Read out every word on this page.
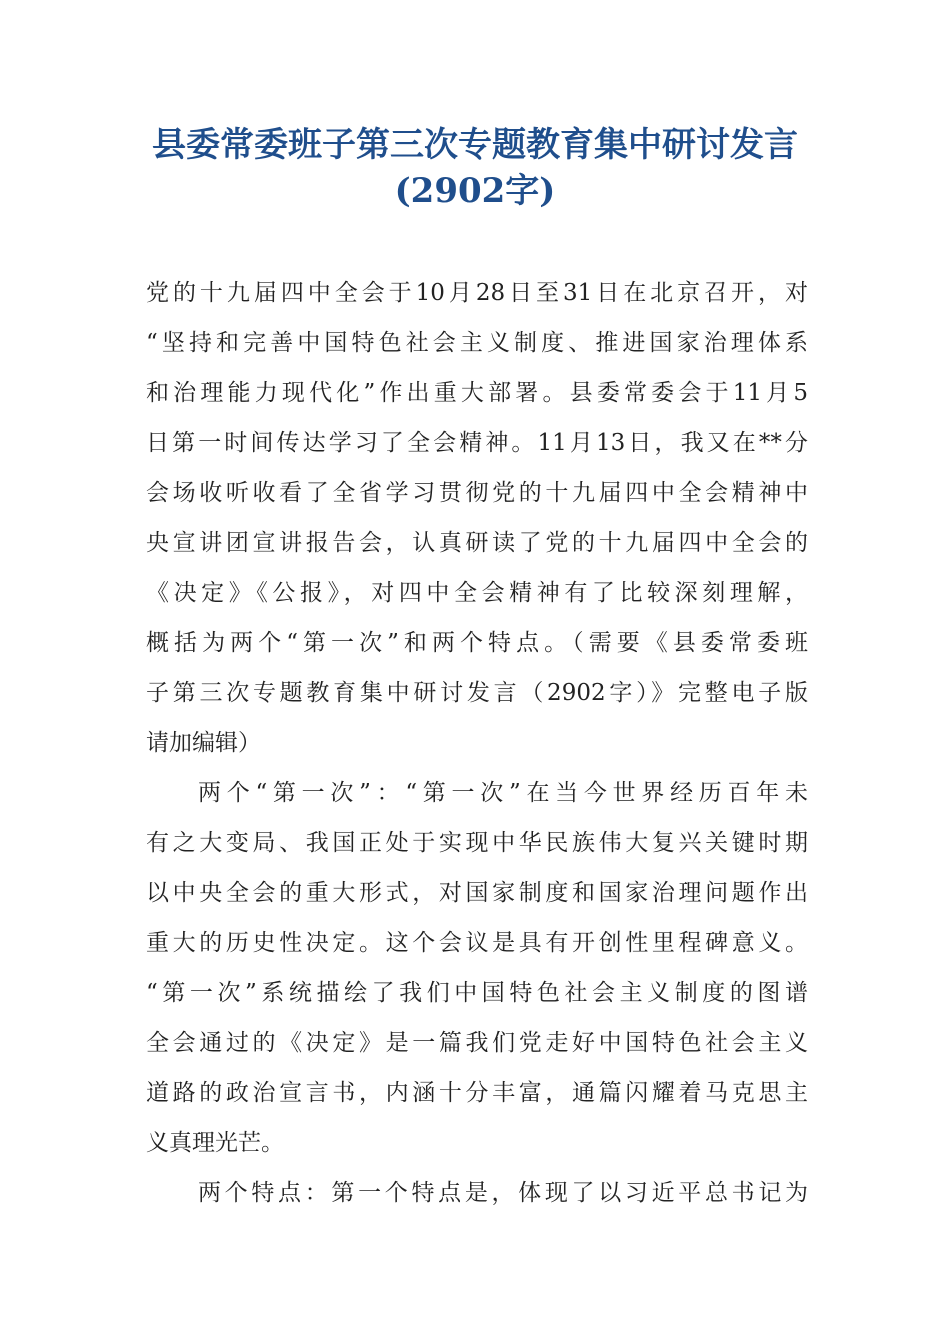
县委常委班子第三次专题教育集中研讨发言
(2902字)
党的十九届四中全会于10月28日至31日在北京召开，对
“坚持和完善中国特色社会主义制度、推进国家治理体系
和治理能力现代化”作出重大部署。县委常委会于11月5
日第一时间传达学习了全会精神。11月13日，我又在**分
会场收听收看了全省学习贯彻党的十九届四中全会精神中
央宣讲团宣讲报告会，认真研读了党的十九届四中全会的
《决定》《公报》，对四中全会精神有了比较深刻理解，
概括为两个“第一次”和两个特点。（需要《县委常委班
子第三次专题教育集中研讨发言（2902字）》完整电子版
请加编辑）
两个“第一次”：“第一次”在当今世界经历百年未
有之大变局、我国正处于实现中华民族伟大复兴关键时期
以中央全会的重大形式，对国家制度和国家治理问题作出
重大的历史性决定。这个会议是具有开创性里程碑意义。
“第一次”系统描绘了我们中国特色社会主义制度的图谱
全会通过的《决定》是一篇我们党走好中国特色社会主义
道路的政治宣言书，内涵十分丰富，通篇闪耀着马克思主
义真理光芒。
两个特点：第一个特点是，体现了以习近平总书记为
